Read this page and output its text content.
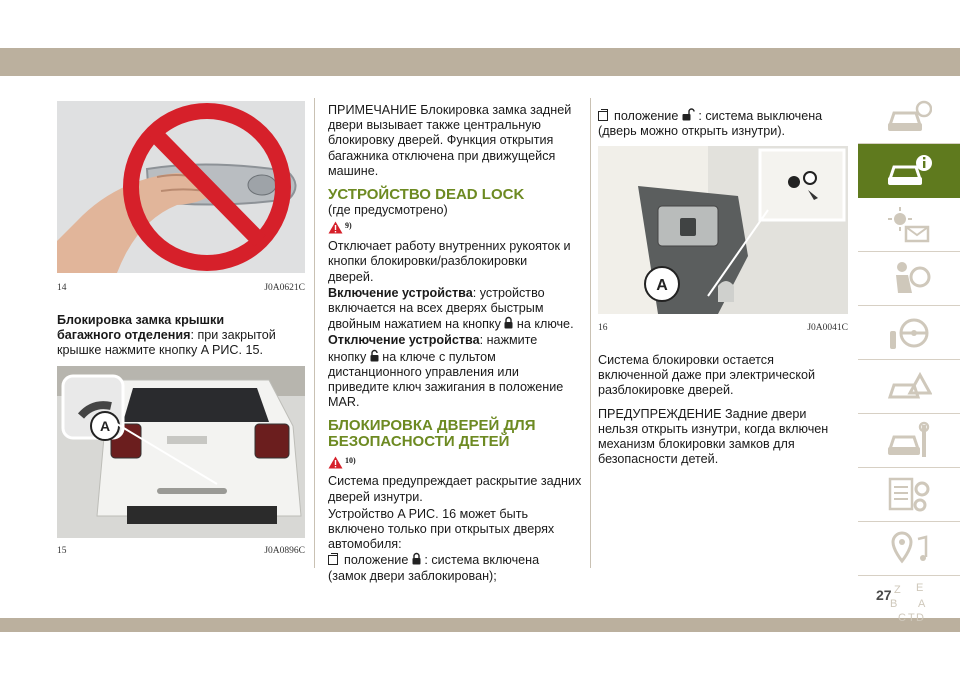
14	J0A0621C
Блокировка замка крышки
багажного отделения: при закрытой
крышке нажмите кнопку A РИС. 15.
A
15	J0A0896C
ПРИМЕЧАНИЕ Блокировка замка задней
двери вызывает также центральную
блокировку дверей. Функция открытия
багажника отключена при движущейся
машине.
УСТРОЙСТВО DEAD LOCK
(где предусмотрено)
9)
Отключает работу внутренних рукояток и
кнопки блокировки/разблокировки
дверей.
Включение устройства: устройство
включается на всех дверях быстрым
двойным нажатием на кнопку на ключе.
Отключение устройства: нажмите
кнопку на ключе с пультом
дистанционного управления или
приведите ключ зажигания в положение
MAR.
БЛОКИРОВКА ДВЕРЕЙ ДЛЯ
БЕЗОПАСНОСТИ ДЕТЕЙ
10)
Система предупреждает раскрытие задних
дверей изнутри.
Устройство A РИС. 16 может быть
включено только при открытых дверях
автомобиля:
положение : система включена
(замок двери заблокирован);
положение : система выключена
(дверь можно открыть изнутри).
A
16	J0A0041C
Система блокировки остается
включенной даже при электрической
разблокировке дверей.
ПРЕДУПРЕЖДЕНИЕ Задние двери
нельзя открыть изнутри, когда включен
механизм блокировки замков для
безопасности детей.
Z E
B A
C D
T
27
